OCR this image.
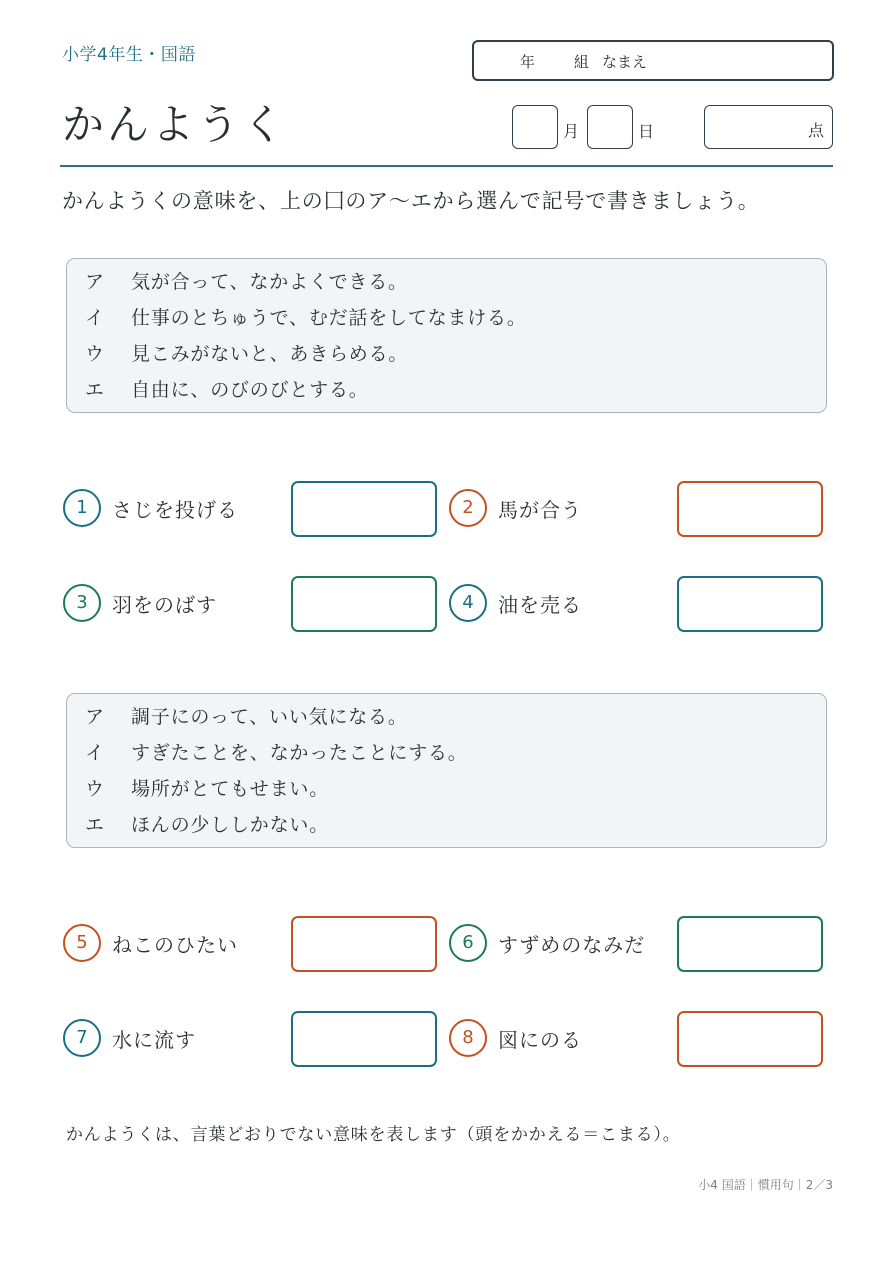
小学4年生・国語	年	組 なまえ
かんようく	月	日	点
かんようくの意味を、上の囗のア〜エから選んで記号で書きましょう。
ア 気が合って、なかよくできる。
イ 仕事のとちゅうで、むだ話をしてなまける。
ウ 見こみがないと、あきらめる。
エ 自由に、のびのびとする。
1	さじを投げる	2	馬が合う
3	羽をのばす	4	油を売る
ア 調子にのって、いい気になる。
イ すぎたことを、なかったことにする。
ウ 場所がとてもせまい。
エ ほんの少ししかない。
5	ねこのひたい	6	すずめのなみだ
7	水に流す	8	図にのる
かんようくは、言葉どおりでない意味を表します（頭をかかえる＝こまる）。
小4 国語｜慣用句｜2／3
